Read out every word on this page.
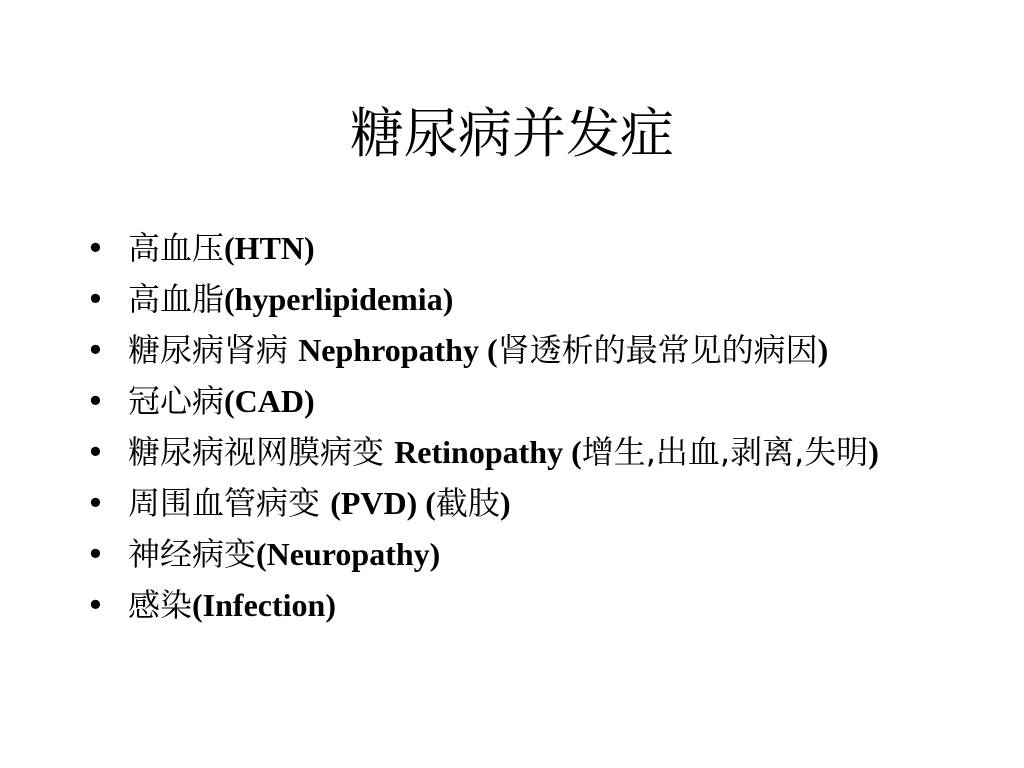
糖尿病并发症
• 高血压(HTN)
• 高血脂(hyperlipidemia)
• 糖尿病肾病 Nephropathy (肾透析的最常见的病因)
• 冠心病(CAD)
• 糖尿病视网膜病变 Retinopathy (增生,出血,剥离,失明)
• 周围血管病变 (PVD) (截肢)
• 神经病变(Neuropathy)
• 感染(Infection)
